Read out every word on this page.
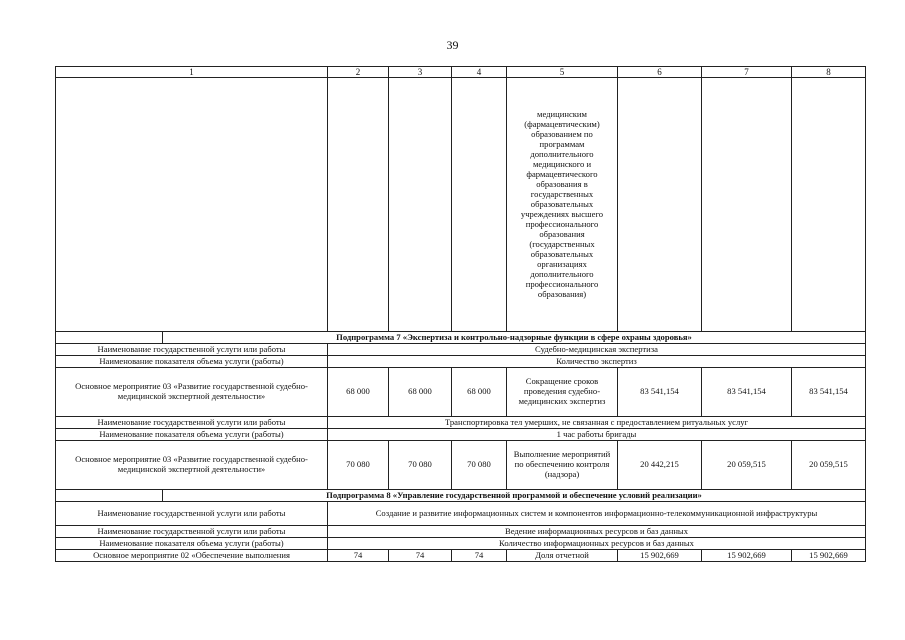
39
1		2	3	4	5	6	7	8
					медицинским (фармацевтическим) образованием по программам дополнительного медицинского и фармацевтического образования в государственных образовательных учреждениях высшего профессионального образования (государственных образовательных организациях дополнительного профессионального образования)			
	Подпрограмма 7 «Экспертиза и контрольно-надзорные функции в сфере охраны здоровья»							
Наименование государственной услуги или работы		Судебно-медицинская экспертиза						
Наименование показателя объема услуги (работы)		Количество экспертиз						
Основное мероприятие 03 «Развитие государственной судебно-медицинской экспертной деятельности»		68 000	68 000	68 000	Сокращение сроков проведения судебно-медицинских экспертиз	83 541,154	83 541,154	83 541,154
Наименование государственной услуги или работы		Транспортировка тел умерших, не связанная с предоставлением ритуальных услуг						
Наименование показателя объема услуги (работы)		1 час работы бригады						
Основное мероприятие 03 «Развитие государственной судебно-медицинской экспертной деятельности»		70 080	70 080	70 080	Выполнение мероприятий по обеспечению контроля (надзора)	20 442,215	20 059,515	20 059,515
	Подпрограмма 8 «Управление государственной программой и обеспечение условий реализации»							
Наименование государственной услуги или работы		Создание и развитие информационных систем и компонентов информационно-телекоммуникационной инфраструктуры						
Наименование государственной услуги или работы		Ведение информационных ресурсов и баз данных						
Наименование показателя объема услуги (работы)		Количество информационных ресурсов и баз данных						
Основное мероприятие 02 «Обеспечение выполнения		74	74	74	Доля отчетной	15 902,669	15 902,669	15 902,669
